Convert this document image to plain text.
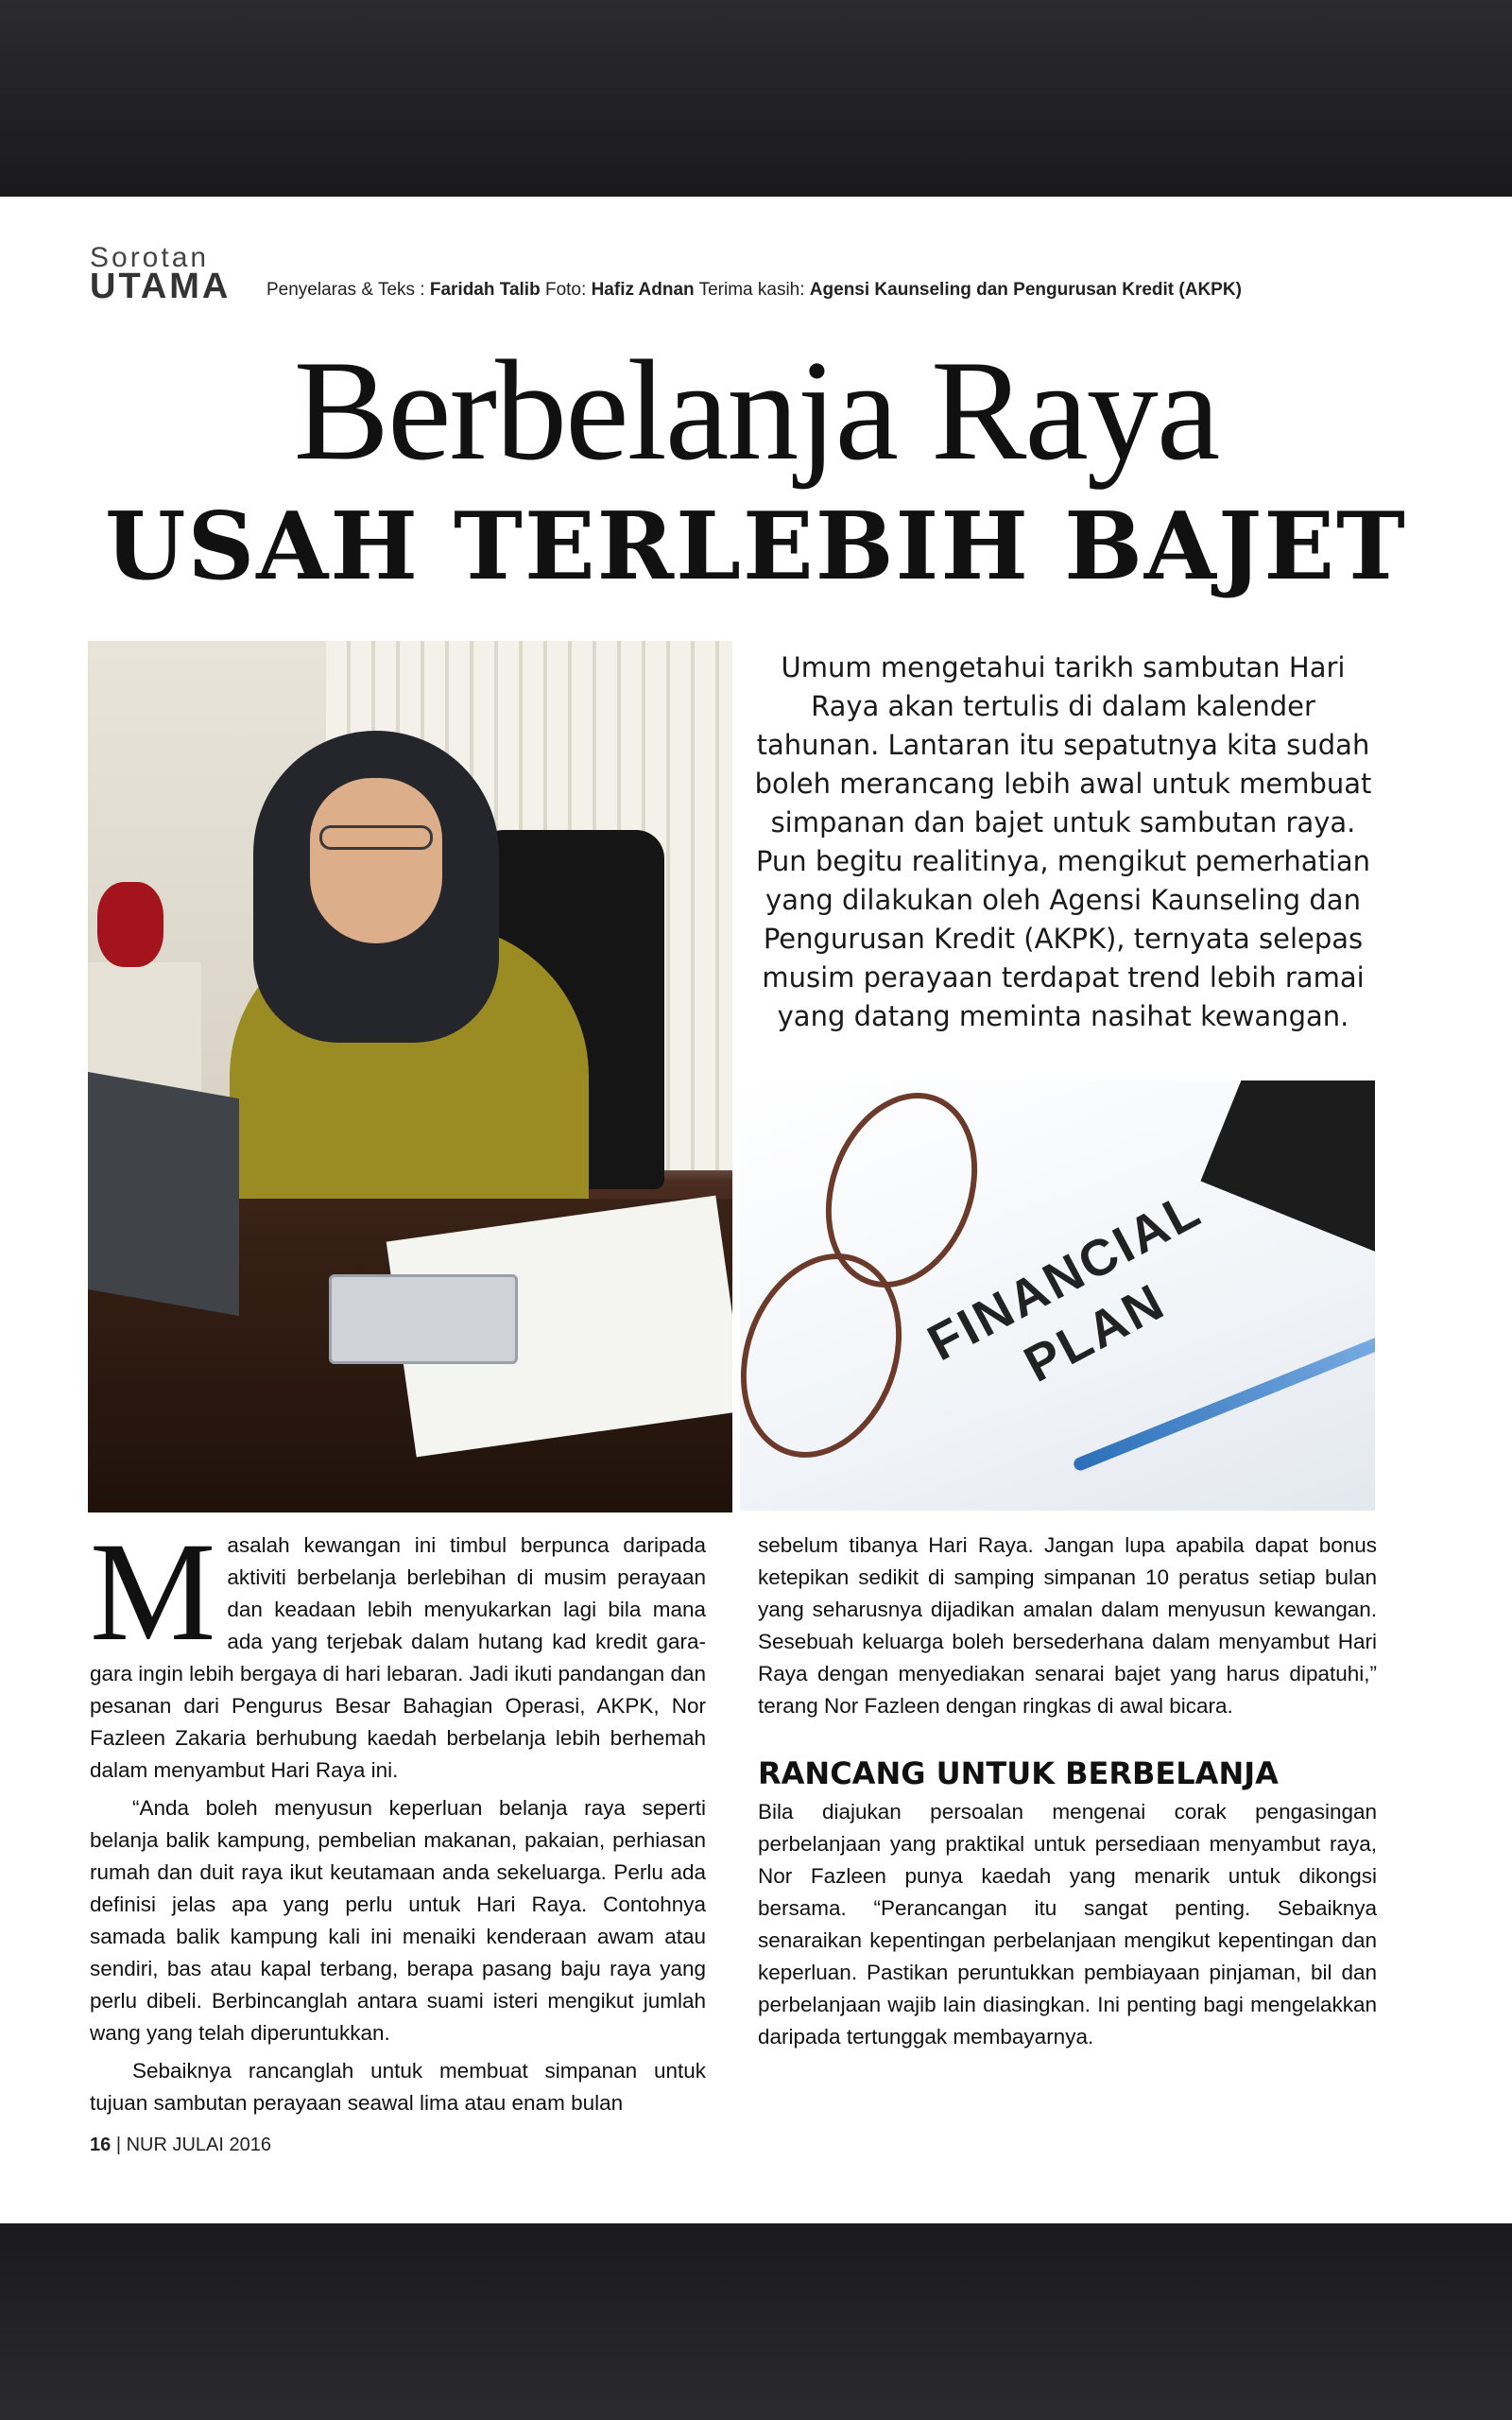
Sorotan
UTAMA Penyelaras & Teks : Faridah Talib Foto: Hafiz Adnan Terima kasih: Agensi Kaunseling dan Pengurusan Kredit (AKPK)
Berbelanja Raya
USAH TERLEBIH BAJET

Umum mengetahui tarikh sambutan Hari Raya akan tertulis di dalam kalender tahunan. Lantaran itu sepatutnya kita sudah boleh merancang lebih awal untuk membuat simpanan dan bajet untuk sambutan raya. Pun begitu realitinya, mengikut pemerhatian yang dilakukan oleh Agensi Kaunseling dan Pengurusan Kredit (AKPK), ternyata selepas musim perayaan terdapat trend lebih ramai yang datang meminta nasihat kewangan.

FINANCIAL PLAN

M asalah kewangan ini timbul berpunca daripada aktiviti berbelanja berlebihan di musim perayaan dan keadaan lebih menyukarkan lagi bila mana ada yang terjebak dalam hutang kad kredit gara-gara ingin lebih bergaya di hari lebaran. Jadi ikuti pandangan dan pesanan dari Pengurus Besar Bahagian Operasi, AKPK, Nor Fazleen Zakaria berhubung kaedah berbelanja lebih berhemah dalam menyambut Hari Raya ini.

“Anda boleh menyusun keperluan belanja raya seperti belanja balik kampung, pembelian makanan, pakaian, perhiasan rumah dan duit raya ikut keutamaan anda sekeluarga. Perlu ada definisi jelas apa yang perlu untuk Hari Raya. Contohnya samada balik kampung kali ini menaiki kenderaan awam atau sendiri, bas atau kapal terbang, berapa pasang baju raya yang perlu dibeli. Berbincanglah antara suami isteri mengikut jumlah wang yang telah diperuntukkan.

Sebaiknya rancanglah untuk membuat simpanan untuk tujuan sambutan perayaan seawal lima atau enam bulan

sebelum tibanya Hari Raya. Jangan lupa apabila dapat bonus ketepikan sedikit di samping simpanan 10 peratus setiap bulan yang seharusnya dijadikan amalan dalam menyusun kewangan. Sesebuah keluarga boleh bersederhana dalam menyambut Hari Raya dengan menyediakan senarai bajet yang harus dipatuhi,” terang Nor Fazleen dengan ringkas di awal bicara.

RANCANG UNTUK BERBELANJA

Bila diajukan persoalan mengenai corak pengasingan perbelanjaan yang praktikal untuk persediaan menyambut raya, Nor Fazleen punya kaedah yang menarik untuk dikongsi bersama. “Perancangan itu sangat penting. Sebaiknya senaraikan kepentingan perbelanjaan mengikut kepentingan dan keperluan. Pastikan peruntukkan pembiayaan pinjaman, bil dan perbelanjaan wajib lain diasingkan. Ini penting bagi mengelakkan daripada tertunggak membayarnya.

16 | NUR JULAI 2016
